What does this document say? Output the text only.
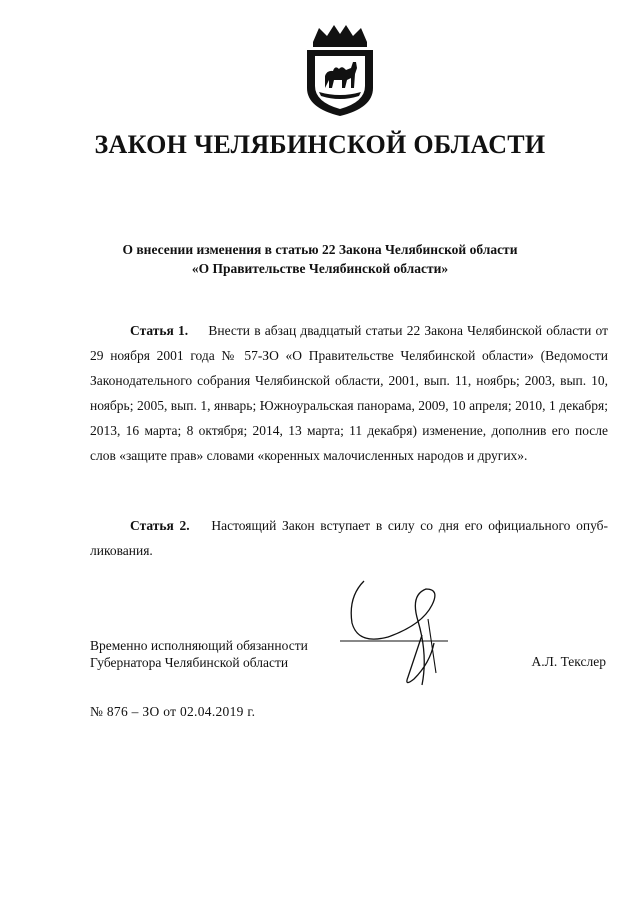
ЗАКОН ЧЕЛЯБИНСКОЙ ОБЛАСТИ
О внесении изменения в статью 22 Закона Челябинской области
«О Правительстве Челябинской области»

Статья 1. Внести в абзац двадцатый статьи 22 Закона Челябинской области от 29 ноября 2001 года № 57-ЗО «О Правительстве Челябинской области» (Ведомости Законодательного собрания Челябинской области, 2001, вып. 11, ноябрь; 2003, вып. 10, ноябрь; 2005, вып. 1, январь; Южноуральская панорама, 2009, 10 апреля; 2010, 1 декабря; 2013, 16 марта; 8 октября; 2014, 13 марта; 11 декабря) изменение, дополнив его после слов «защите прав» словами «коренных малочисленных народов и других».

Статья 2. Настоящий Закон вступает в силу со дня его официального опубликования.

Временно исполняющий обязанности
Губернатора Челябинской области	А.Л. Текслер
№ 876 – ЗО от 02.04.2019 г.
